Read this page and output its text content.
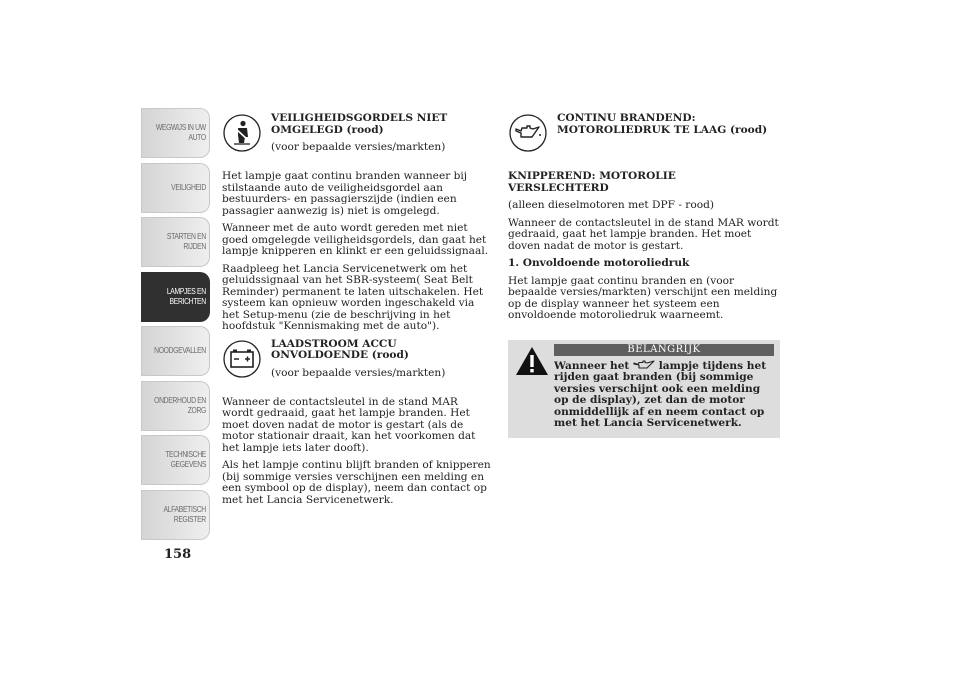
WEGWIJS IN UW
AUTO
VEILIGHEID
STARTEN EN
RIJDEN
LAMPJES EN
BERICHTEN
NOODGEVALLEN
ONDERHOUD EN
ZORG
TECHNISCHE
GEGEVENS
ALFABETISCH
REGISTER
158

VEILIGHEIDSGORDELS NIET OMGELEGD (rood)

(voor bepaalde versies/markten)

Het lampje gaat continu branden wanneer bij stilstaande auto de veiligheidsgordel aan bestuurders- en passagierszijde (indien een passagier aanwezig is) niet is omgelegd.

Wanneer met de auto wordt gereden met niet goed omgelegde veiligheidsgordels, dan gaat het lampje knipperen en klinkt er een geluidssignaal.

Raadpleeg het Lancia Servicenetwerk om het geluidssignaal van het SBR-systeem( Seat Belt Reminder) permanent te laten uitschakelen. Het systeem kan opnieuw worden ingeschakeld via het Setup-menu (zie de beschrijving in het hoofdstuk "Kennismaking met de auto").

LAADSTROOM ACCU ONVOLDOENDE (rood)

(voor bepaalde versies/markten)

Wanneer de contactsleutel in de stand MAR wordt gedraaid, gaat het lampje branden. Het moet doven nadat de motor is gestart (als de motor stationair draait, kan het voorkomen dat het lampje iets later dooft).

Als het lampje continu blijft branden of knipperen (bij sommige versies verschijnen een melding en een symbool op de display), neem dan contact op met het Lancia Servicenetwerk.

CONTINU BRANDEND: MOTOROLIEDRUK TE LAAG (rood)

KNIPPEREND: MOTOROLIE VERSLECHTERD

(alleen dieselmotoren met DPF - rood)

Wanneer de contactsleutel in de stand MAR wordt gedraaid, gaat het lampje branden. Het moet doven nadat de motor is gestart.

1. Onvoldoende motoroliedruk

Het lampje gaat continu branden en (voor bepaalde versies/markten) verschijnt een melding op de display wanneer het systeem een onvoldoende motoroliedruk waarneemt.

BELANGRIJK
Wanneer het	lampje tijdens het rijden gaat branden (bij sommige versies verschijnt ook een melding op de display), zet dan de motor onmiddellijk af en neem contact op met het Lancia Servicenetwerk.
